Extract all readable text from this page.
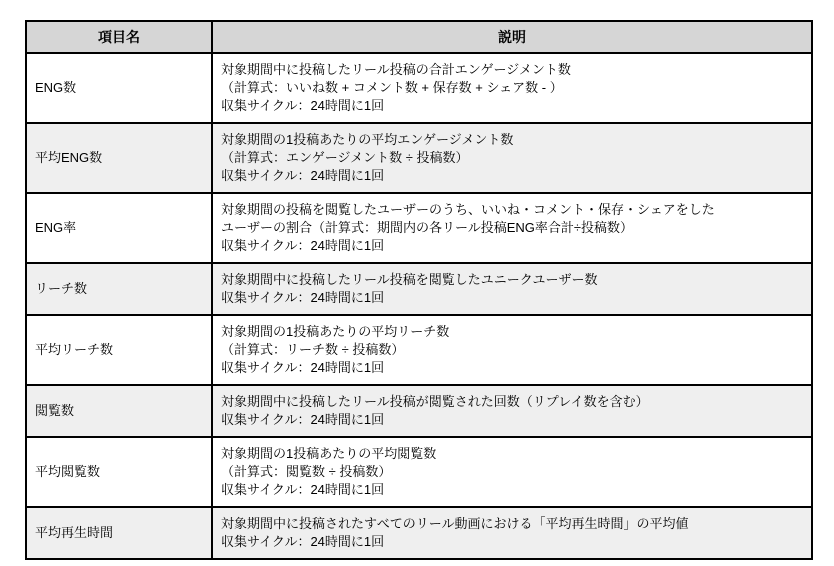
項目名	説明
ENG数	対象期間中に投稿したリール投稿の合計エンゲージメント数
（計算式：いいね数 + コメント数 + 保存数 + シェア数 - ）
収集サイクル：24時間に1回

平均ENG数	対象期間の1投稿あたりの平均エンゲージメント数
（計算式：エンゲージメント数 ÷ 投稿数）
収集サイクル：24時間に1回

ENG率	対象期間の投稿を閲覧したユーザーのうち、いいね・コメント・保存・シェアをした
ユーザーの割合（計算式：期間内の各リール投稿ENG率合計÷投稿数）
収集サイクル：24時間に1回

リーチ数	対象期間中に投稿したリール投稿を閲覧したユニークユーザー数
収集サイクル：24時間に1回

平均リーチ数	対象期間の1投稿あたりの平均リーチ数
（計算式：リーチ数 ÷ 投稿数）
収集サイクル：24時間に1回

閲覧数	対象期間中に投稿したリール投稿が閲覧された回数（リプレイ数を含む）
収集サイクル：24時間に1回

平均閲覧数	対象期間の1投稿あたりの平均閲覧数
（計算式：閲覧数 ÷ 投稿数）
収集サイクル：24時間に1回

平均再生時間	対象期間中に投稿されたすべてのリール動画における「平均再生時間」の平均値
収集サイクル：24時間に1回
